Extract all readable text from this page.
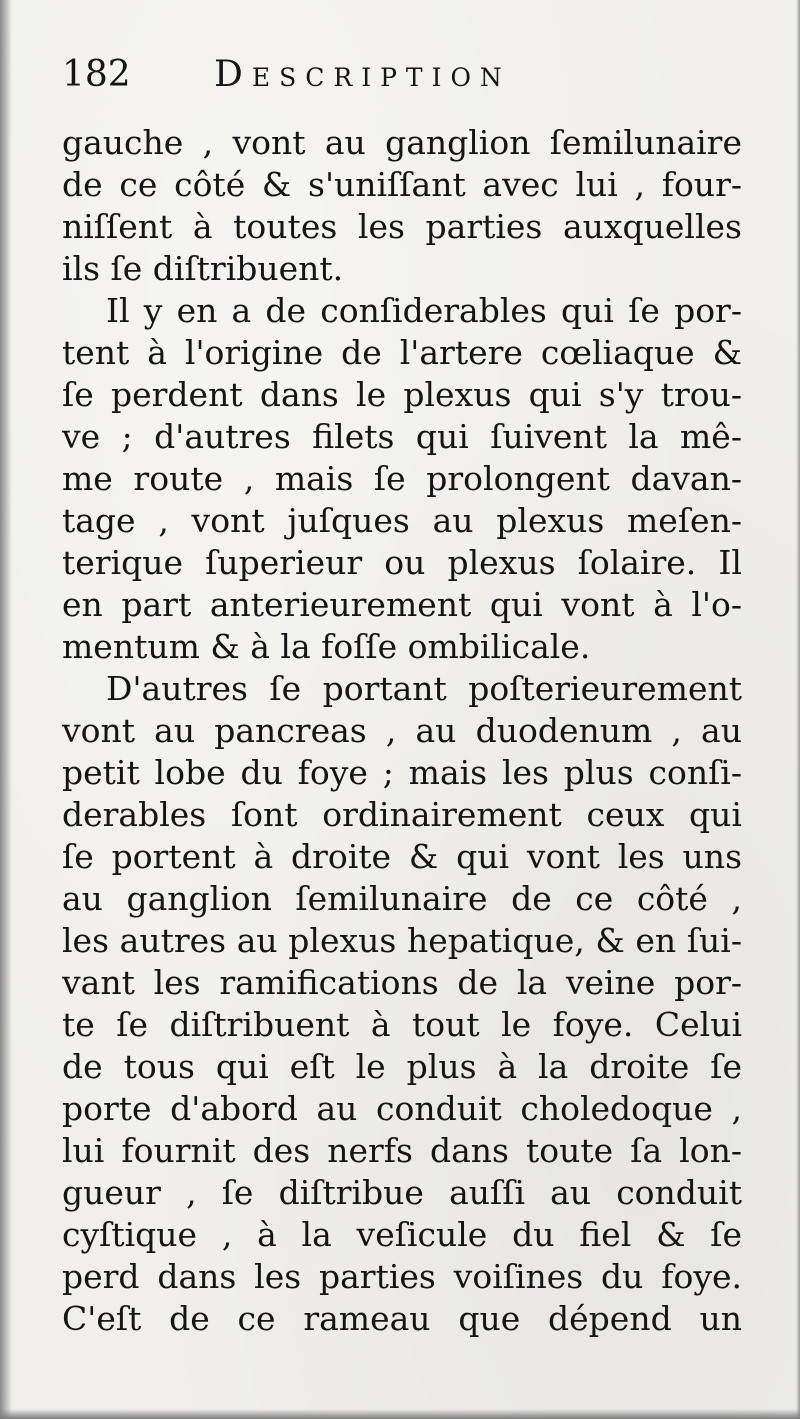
182 Description
gauche , vont au ganglion ſemilunaire
de ce côté & s'uniſſant avec lui , four-
niſſent à toutes les parties auxquelles
ils ſe diſtribuent.
Il y en a de conſiderables qui ſe por-
tent à l'origine de l'artere cœliaque &
ſe perdent dans le plexus qui s'y trou-
ve ; d'autres filets qui ſuivent la mê-
me route , mais ſe prolongent davan-
tage , vont juſques au plexus meſen-
terique ſuperieur ou plexus ſolaire. Il
en part anterieurement qui vont à l'o-
mentum & à la foſſe ombilicale.
D'autres ſe portant poſterieurement
vont au pancreas , au duodenum , au
petit lobe du foye ; mais les plus conſi-
derables ſont ordinairement ceux qui
ſe portent à droite & qui vont les uns
au ganglion ſemilunaire de ce côté ,
les autres au plexus hepatique, & en ſui-
vant les ramifications de la veine por-
te ſe diſtribuent à tout le foye. Celui
de tous qui eſt le plus à la droite ſe
porte d'abord au conduit choledoque ,
lui fournit des nerfs dans toute ſa lon-
gueur , ſe diſtribue auſſi au conduit
cyſtique , à la veſicule du fiel & ſe
perd dans les parties voiſines du foye.
C'eſt de ce rameau que dépend un
